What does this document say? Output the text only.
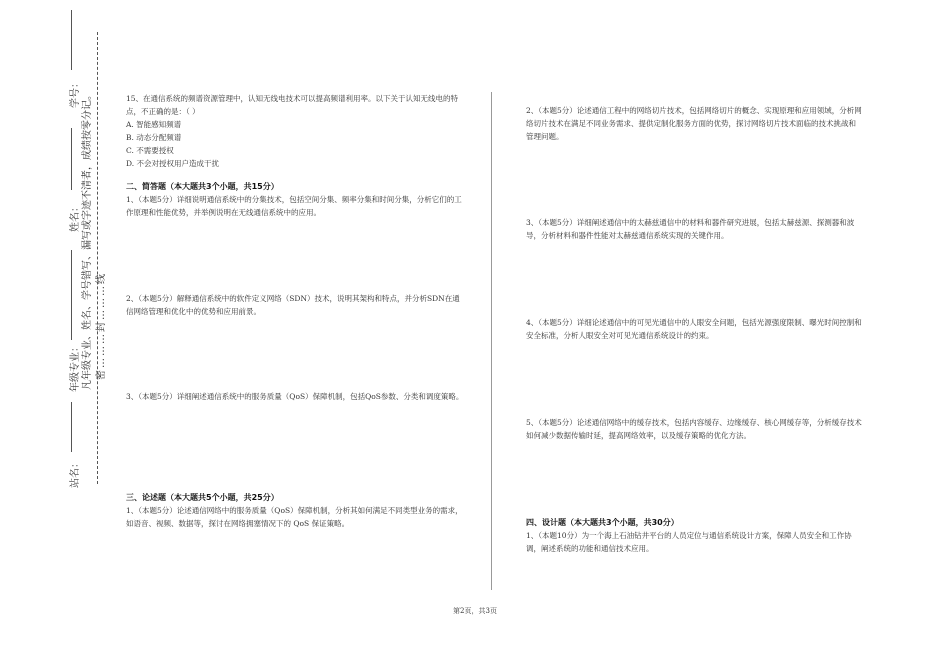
学号：
姓名：
年级专业：
站名：
凡年级专业、姓名、学号错写、漏写或字迹不清者，成绩按零分记。 密………封………线

15、在通信系统的频谱资源管理中，认知无线电技术可以提高频谱利用率。以下关于认知无线电的特点，不正确的是：（ ）

A. 智能感知频谱

B. 动态分配频谱

C. 不需要授权

D. 不会对授权用户造成干扰

二、简答题（本大题共3个小题，共15分）

1、（本题5分）详细说明通信系统中的分集技术，包括空间分集、频率分集和时间分集，分析它们的工作原理和性能优势，并举例说明在无线通信系统中的应用。

2、（本题5分）解释通信系统中的软件定义网络（SDN）技术，说明其架构和特点，并分析SDN在通信网络管理和优化中的优势和应用前景。

3、（本题5分）详细阐述通信系统中的服务质量（QoS）保障机制，包括QoS参数、分类和调度策略。

三、论述题（本大题共5个小题，共25分）

1、（本题5分）论述通信网络中的服务质量（QoS）保障机制，分析其如何满足不同类型业务的需求，如语音、视频、数据等，探讨在网络拥塞情况下的 QoS 保证策略。

2、（本题5分）论述通信工程中的网络切片技术，包括网络切片的概念、实现原理和应用领域，分析网络切片技术在满足不同业务需求、提供定制化服务方面的优势，探讨网络切片技术面临的技术挑战和管理问题。

3、（本题5分）详细阐述通信中的太赫兹通信中的材料和器件研究进展，包括太赫兹源、探测器和波导，分析材料和器件性能对太赫兹通信系统实现的关键作用。

4、（本题5分）详细论述通信中的可见光通信中的人眼安全问题，包括光源强度限制、曝光时间控制和安全标准，分析人眼安全对可见光通信系统设计的约束。

5、（本题5分）论述通信网络中的缓存技术，包括内容缓存、边缘缓存、核心网缓存等，分析缓存技术如何减少数据传输时延，提高网络效率，以及缓存策略的优化方法。

四、设计题（本大题共3个小题，共30分）

1、（本题10分）为一个海上石油钻井平台的人员定位与通信系统设计方案，保障人员安全和工作协调，阐述系统的功能和通信技术应用。

第2页，共3页
